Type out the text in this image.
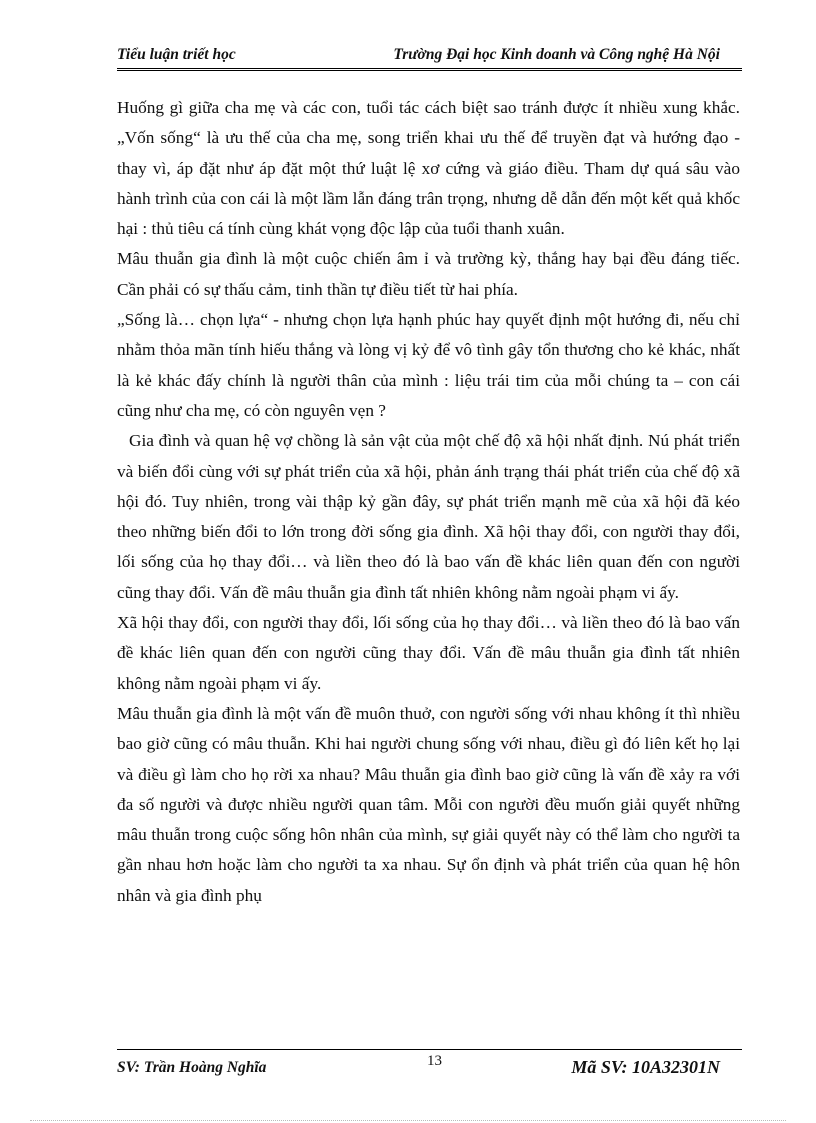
Tiểu luận triết học	Trường Đại học Kinh doanh và Công nghệ Hà Nội

Huống gì giữa cha mẹ và các con, tuổi tác cách biệt sao tránh được ít nhiều xung khắc. „Vốn sống“ là ưu thế của cha mẹ, song triển khai ưu thế để truyền đạt và hướng đạo - thay vì, áp đặt như áp đặt một thứ luật lệ xơ cứng và giáo điều. Tham dự quá sâu vào hành trình của con cái là một lầm lẫn đáng trân trọng, nhưng dễ dẫn đến một kết quả khốc hại : thủ tiêu cá tính cùng khát vọng độc lập của tuổi thanh xuân.

Mâu thuẫn gia đình là một cuộc chiến âm ỉ và trường kỳ, thắng hay bại đều đáng tiếc. Cần phải có sự thấu cảm, tinh thần tự điều tiết từ hai phía.

„Sống là… chọn lựa“ - nhưng chọn lựa hạnh phúc hay quyết định một hướng đi, nếu chỉ nhằm thỏa mãn tính hiếu thắng và lòng vị kỷ để vô tình gây tổn thương cho kẻ khác, nhất là kẻ khác đấy chính là người thân của mình : liệu trái tim của mỗi chúng ta – con cái cũng như cha mẹ, có còn nguyên vẹn ?

Gia đình và quan hệ vợ chồng là sản vật của một chế độ xã hội nhất định. Nú phát triển và biến đổi cùng với sự phát triển của xã hội, phản ánh trạng thái phát triển của chế độ xã hội đó. Tuy nhiên, trong vài thập kỷ gần đây, sự phát triển mạnh mẽ của xã hội đã kéo theo những biến đổi to lớn trong đời sống gia đình. Xã hội thay đổi, con người thay đổi, lối sống của họ thay đổi… và liền theo đó là bao vấn đề khác liên quan đến con người cũng thay đổi. Vấn đề mâu thuẫn gia đình tất nhiên không nằm ngoài phạm vi ấy.

Xã hội thay đổi, con người thay đổi, lối sống của họ thay đổi… và liền theo đó là bao vấn đề khác liên quan đến con người cũng thay đổi. Vấn đề mâu thuẫn gia đình tất nhiên không nằm ngoài phạm vi ấy.

Mâu thuẫn gia đình là một vấn đề muôn thuở, con người sống với nhau không ít thì nhiều bao giờ cũng có mâu thuẫn. Khi hai người chung sống với nhau, điều gì đó liên kết họ lại và điều gì làm cho họ rời xa nhau? Mâu thuẫn gia đình bao giờ cũng là vấn đề xảy ra với đa số người và được nhiều người quan tâm. Mỗi con người đều muốn giải quyết những mâu thuẫn trong cuộc sống hôn nhân của mình, sự giải quyết này có thể làm cho người ta gần nhau hơn hoặc làm cho người ta xa nhau. Sự ổn định và phát triển của quan hệ hôn nhân và gia đình phụ

SV: Trần Hoàng Nghĩa	13	Mã SV: 10A32301N
